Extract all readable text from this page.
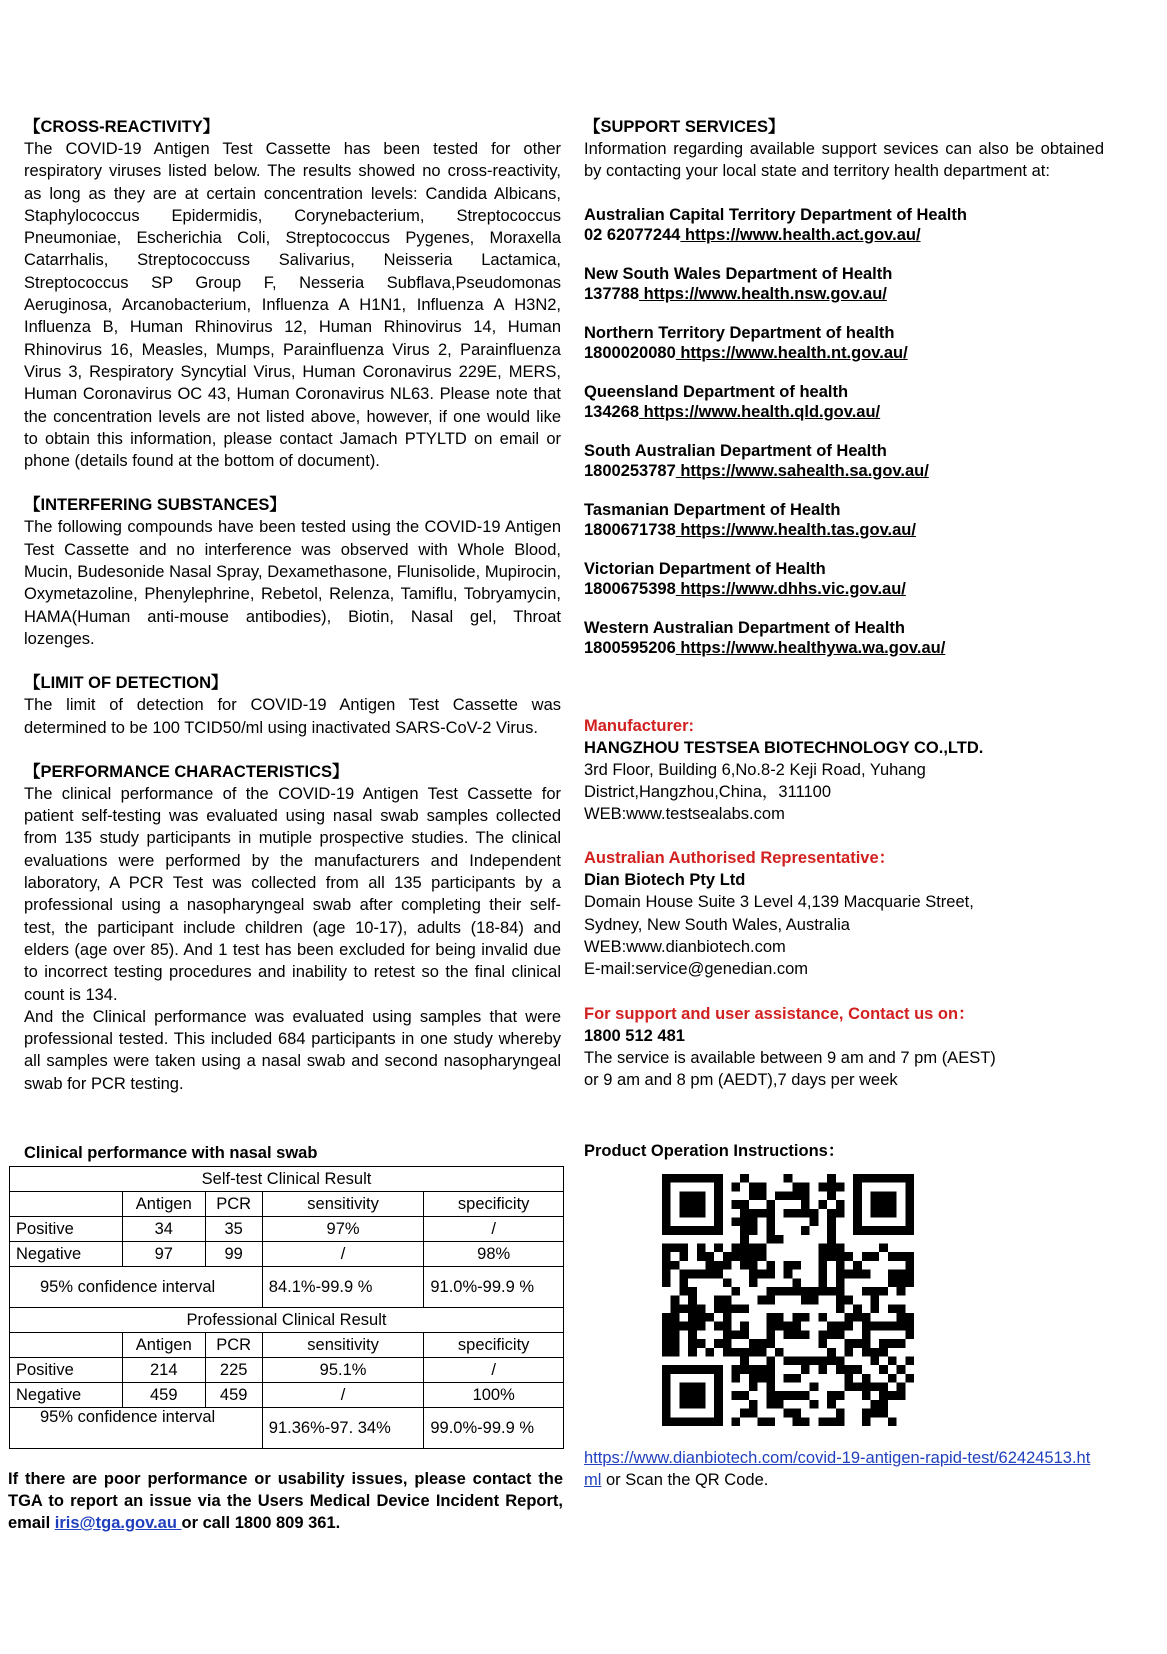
【CROSS-REACTIVITY】

The COVID-19 Antigen Test Cassette has been tested for other respiratory viruses listed below. The results showed no cross-reactivity, as long as they are at certain concentration levels: Candida Albicans, Staphylococcus Epidermidis, Corynebacterium, Streptococcus Pneumoniae, Escherichia Coli, Streptococcus Pygenes, Moraxella Catarrhalis, Streptococcuss Salivarius, Neisseria Lactamica, Streptococcus SP Group F, Nesseria Subflava,Pseudomonas Aeruginosa, Arcanobacterium, Influenza A H1N1, Influenza A H3N2, Influenza B, Human Rhinovirus 12, Human Rhinovirus 14, Human Rhinovirus 16, Measles, Mumps, Parainfluenza Virus 2, Parainfluenza Virus 3, Respiratory Syncytial Virus, Human Coronavirus 229E, MERS, Human Coronavirus OC 43, Human Coronavirus NL63. Please note that the concentration levels are not listed above, however, if one would like to obtain this information, please contact Jamach PTYLTD on email or phone (details found at the bottom of document).

【INTERFERING SUBSTANCES】

The following compounds have been tested using the COVID-19 Antigen Test Cassette and no interference was observed with Whole Blood, Mucin, Budesonide Nasal Spray, Dexamethasone, Flunisolide, Mupirocin, Oxymetazoline, Phenylephrine, Rebetol, Relenza, Tamiflu, Tobryamycin, HAMA(Human anti-mouse antibodies), Biotin, Nasal gel, Throat lozenges.

【LIMIT OF DETECTION】

The limit of detection for COVID-19 Antigen Test Cassette was determined to be 100 TCID50/ml using inactivated SARS-CoV-2 Virus.

【PERFORMANCE CHARACTERISTICS】

The clinical performance of the COVID-19 Antigen Test Cassette for patient self-testing was evaluated using nasal swab samples collected from 135 study participants in mutiple prospective studies. The clinical evaluations were performed by the manufacturers and Independent laboratory, A PCR Test was collected from all 135 participants by a professional using a nasopharyngeal swab after completing their self-test, the participant include children (age 10-17), adults (18-84) and elders (age over 85). And 1 test has been excluded for being invalid due to incorrect testing procedures and inability to retest so the final clinical count is 134.

And the Clinical performance was evaluated using samples that were professional tested. This included 684 participants in one study whereby all samples were taken using a nasal swab and second nasopharyngeal swab for PCR testing.

Clinical performance with nasal swab
Self-test Clinical Result				
	Antigen	PCR	sensitivity	specificity
Positive	34	35	97%	/
Negative	97	99	/	98%
95% confidence interval			84.1%-99.9 %	91.0%-99.9 %
Professional Clinical Result				
	Antigen	PCR	sensitivity	specificity
Positive	214	225	95.1%	/
Negative	459	459	/	100%
95% confidence interval			91.36%-97. 34%	99.0%-99.9 %
If there are poor performance or usability issues, please contact the TGA to report an issue via the Users Medical Device Incident Report, email iris@tga.gov.au or call 1800 809 361.

【SUPPORT SERVICES】

Information regarding available support sevices can also be obtained by contacting your local state and territory health department at:

Australian Capital Territory Department of Health

02 62077244 https://www.health.act.gov.au/

New South Wales Department of Health

137788 https://www.health.nsw.gov.au/

Northern Territory Department of health

1800020080 https://www.health.nt.gov.au/

Queensland Department of health

134268 https://www.health.qld.gov.au/

South Australian Department of Health

1800253787 https://www.sahealth.sa.gov.au/

Tasmanian Department of Health

1800671738 https://www.health.tas.gov.au/

Victorian Department of Health

1800675398 https://www.dhhs.vic.gov.au/

Western Australian Department of Health

1800595206 https://www.healthywa.wa.gov.au/

Manufacturer:

HANGZHOU TESTSEA BIOTECHNOLOGY CO.,LTD.

3rd Floor, Building 6,No.8-2 Keji Road, Yuhang

District,Hangzhou,China，311100

WEB:www.testsealabs.com

Australian Authorised Representative：

Dian Biotech Pty Ltd

Domain House Suite 3 Level 4,139 Macquarie Street,

Sydney, New South Wales, Australia

WEB:www.dianbiotech.com

E-mail:service@genedian.com

For support and user assistance, Contact us on：

1800 512 481

The service is available between 9 am and 7 pm (AEST)

or 9 am and 8 pm (AEDT),7 days per week

Product Operation Instructions：
https://www.dianbiotech.com/covid-19-antigen-rapid-test/62424513.html or Scan the QR Code.
